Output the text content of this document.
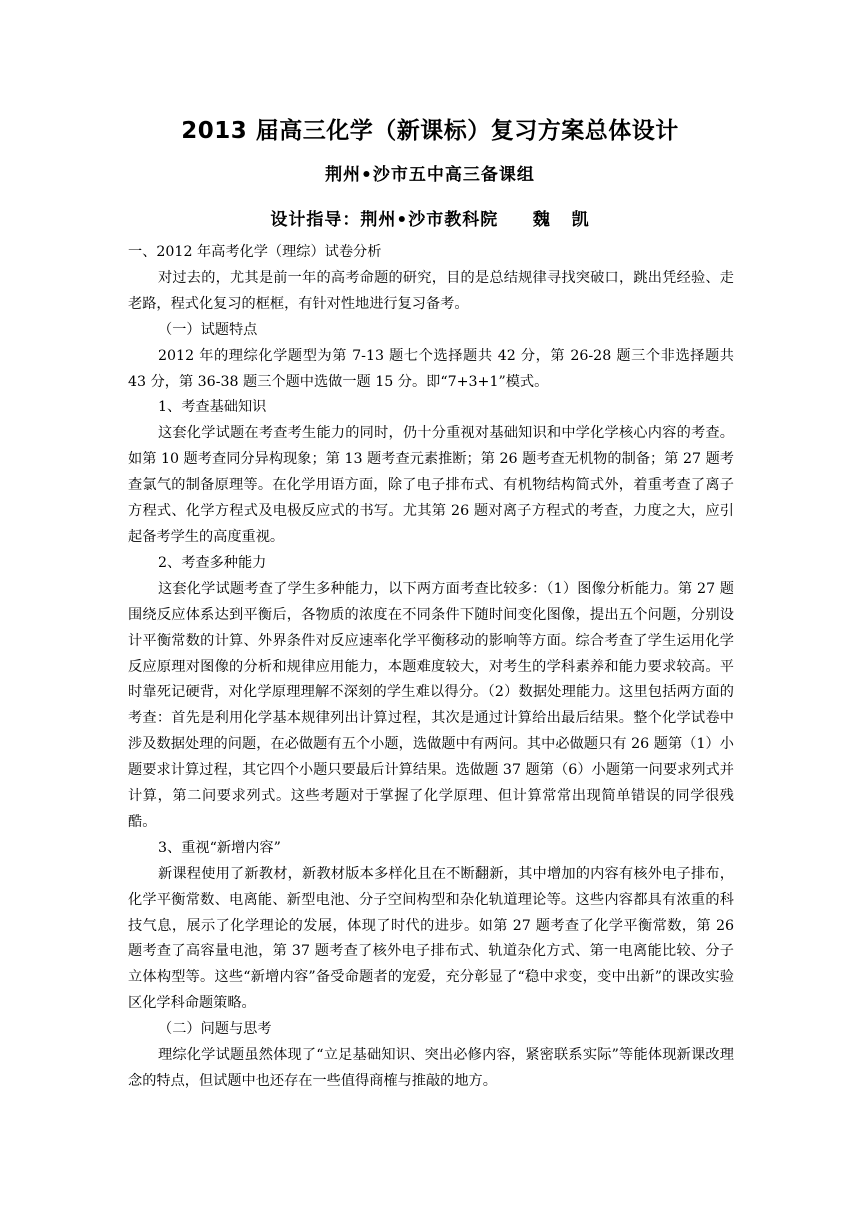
2013 届高三化学（新课标）复习方案总体设计
荆州•沙市五中高三备课组
设计指导：荆州•沙市教科院     魏   凯

一、2012 年高考化学（理综）试卷分析

对过去的，尤其是前一年的高考命题的研究，目的是总结规律寻找突破口，跳出凭经验、走老路，程式化复习的框框，有针对性地进行复习备考。

（一）试题特点

2012 年的理综化学题型为第 7-13 题七个选择题共 42 分，第 26-28 题三个非选择题共 43 分，第 36-38 题三个题中选做一题 15 分。即“7+3+1”模式。

1、考查基础知识

这套化学试题在考查考生能力的同时，仍十分重视对基础知识和中学化学核心内容的考查。如第 10 题考查同分异构现象；第 13 题考查元素推断；第 26 题考查无机物的制备；第 27 题考查氯气的制备原理等。在化学用语方面，除了电子排布式、有机物结构简式外，着重考查了离子方程式、化学方程式及电极反应式的书写。尤其第 26 题对离子方程式的考查，力度之大，应引起备考学生的高度重视。

2、考查多种能力

这套化学试题考查了学生多种能力，以下两方面考查比较多：（1）图像分析能力。第 27 题围绕反应体系达到平衡后，各物质的浓度在不同条件下随时间变化图像，提出五个问题，分别设计平衡常数的计算、外界条件对反应速率化学平衡移动的影响等方面。综合考查了学生运用化学反应原理对图像的分析和规律应用能力，本题难度较大，对考生的学科素养和能力要求较高。平时靠死记硬背，对化学原理理解不深刻的学生难以得分。（2）数据处理能力。这里包括两方面的考查：首先是利用化学基本规律列出计算过程，其次是通过计算给出最后结果。整个化学试卷中涉及数据处理的问题，在必做题有五个小题，选做题中有两问。其中必做题只有 26 题第（1）小题要求计算过程，其它四个小题只要最后计算结果。选做题 37 题第（6）小题第一问要求列式并计算，第二问要求列式。这些考题对于掌握了化学原理、但计算常常出现简单错误的同学很残酷。

3、重视“新增内容”

新课程使用了新教材，新教材版本多样化且在不断翻新，其中增加的内容有核外电子排布，化学平衡常数、电离能、新型电池、分子空间构型和杂化轨道理论等。这些内容都具有浓重的科技气息，展示了化学理论的发展，体现了时代的进步。如第 27 题考查了化学平衡常数，第 26 题考查了高容量电池，第 37 题考查了核外电子排布式、轨道杂化方式、第一电离能比较、分子立体构型等。这些“新增内容”备受命题者的宠爱，充分彰显了“稳中求变，变中出新”的课改实验区化学科命题策略。

（二）问题与思考

理综化学试题虽然体现了“立足基础知识、突出必修内容，紧密联系实际”等能体现新课改理念的特点，但试题中也还存在一些值得商榷与推敲的地方。
